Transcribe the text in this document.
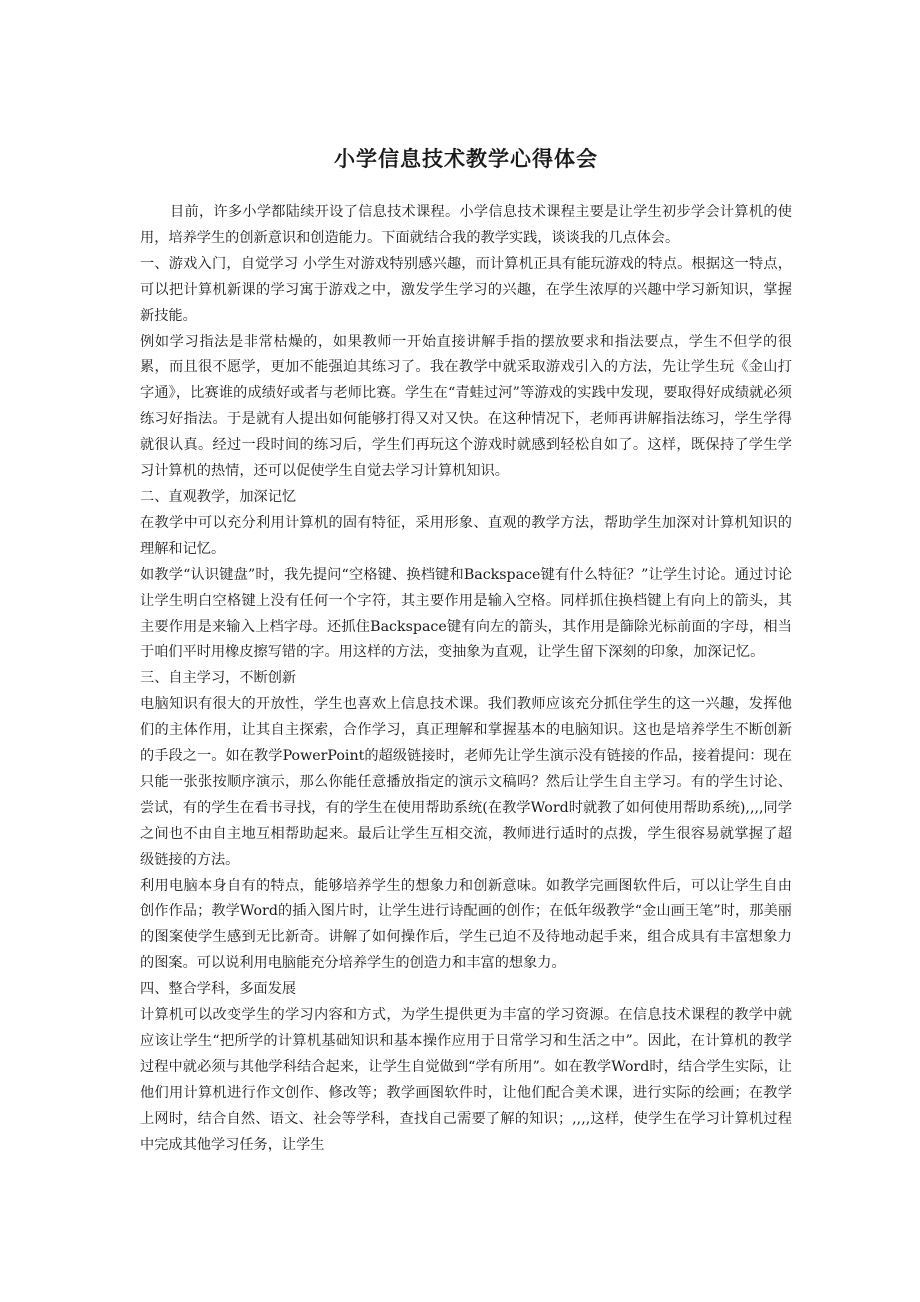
小学信息技术教学心得体会

目前，许多小学都陆续开设了信息技术课程。小学信息技术课程主要是让学生初步学会计算机的使用，培养学生的创新意识和创造能力。下面就结合我的教学实践，谈谈我的几点体会。

一、游戏入门，自觉学习 小学生对游戏特别感兴趣，而计算机正具有能玩游戏的特点。根据这一特点，可以把计算机新课的学习寓于游戏之中，激发学生学习的兴趣，在学生浓厚的兴趣中学习新知识，掌握新技能。

例如学习指法是非常枯燥的，如果教师一开始直接讲解手指的摆放要求和指法要点，学生不但学的很累，而且很不愿学，更加不能强迫其练习了。我在教学中就采取游戏引入的方法，先让学生玩《金山打字通》，比赛谁的成绩好或者与老师比赛。学生在“青蛙过河”等游戏的实践中发现，要取得好成绩就必须练习好指法。于是就有人提出如何能够打得又对又快。在这种情况下，老师再讲解指法练习，学生学得就很认真。经过一段时间的练习后，学生们再玩这个游戏时就感到轻松自如了。这样，既保持了学生学习计算机的热情，还可以促使学生自觉去学习计算机知识。

二、直观教学，加深记忆

在教学中可以充分利用计算机的固有特征，采用形象、直观的教学方法，帮助学生加深对计算机知识的理解和记忆。

如教学“认识键盘”时，我先提问“空格键、换档键和Backspace键有什么特征？”让学生讨论。通过讨论让学生明白空格键上没有任何一个字符，其主要作用是输入空格。同样抓住换档键上有向上的箭头，其主要作用是来输入上档字母。还抓住Backspace键有向左的箭头，其作用是篩除光标前面的字母，相当于咱们平时用橡皮擦写错的字。用这样的方法，变抽象为直观，让学生留下深刻的印象，加深记忆。

三、自主学习，不断创新

电脑知识有很大的开放性，学生也喜欢上信息技术课。我们教师应该充分抓住学生的这一兴趣，发挥他们的主体作用，让其自主探索，合作学习，真正理解和掌握基本的电脑知识。这也是培养学生不断创新的手段之一。如在教学PowerPoint的超级链接时，老师先让学生演示没有链接的作品，接着提问：现在只能一张张按顺序演示，那么你能任意播放指定的演示文稿吗？然后让学生自主学习。有的学生讨论、尝试，有的学生在看书寻找，有的学生在使用帮助系统(在教学Word时就教了如何使用帮助系统),,,,同学之间也不由自主地互相帮助起来。最后让学生互相交流，教师进行适时的点拨，学生很容易就掌握了超级链接的方法。

利用电脑本身自有的特点，能够培养学生的想象力和创新意味。如教学完画图软件后，可以让学生自由创作作品；教学Word的插入图片时，让学生进行诗配画的创作；在低年级教学“金山画王笔”时，那美丽的图案使学生感到无比新奇。讲解了如何操作后，学生已迫不及待地动起手来，组合成具有丰富想象力的图案。可以说利用电脑能充分培养学生的创造力和丰富的想象力。

四、整合学科，多面发展

计算机可以改变学生的学习内容和方式，为学生提供更为丰富的学习资源。在信息技术课程的教学中就应该让学生“把所学的计算机基础知识和基本操作应用于日常学习和生活之中”。因此，在计算机的教学过程中就必须与其他学科结合起来，让学生自觉做到“学有所用”。如在教学Word时，结合学生实际，让他们用计算机进行作文创作、修改等；教学画图软件时，让他们配合美术课，进行实际的绘画；在教学上网时，结合自然、语文、社会等学科，查找自己需要了解的知识；,,,,这样，使学生在学习计算机过程中完成其他学习任务，让学生
